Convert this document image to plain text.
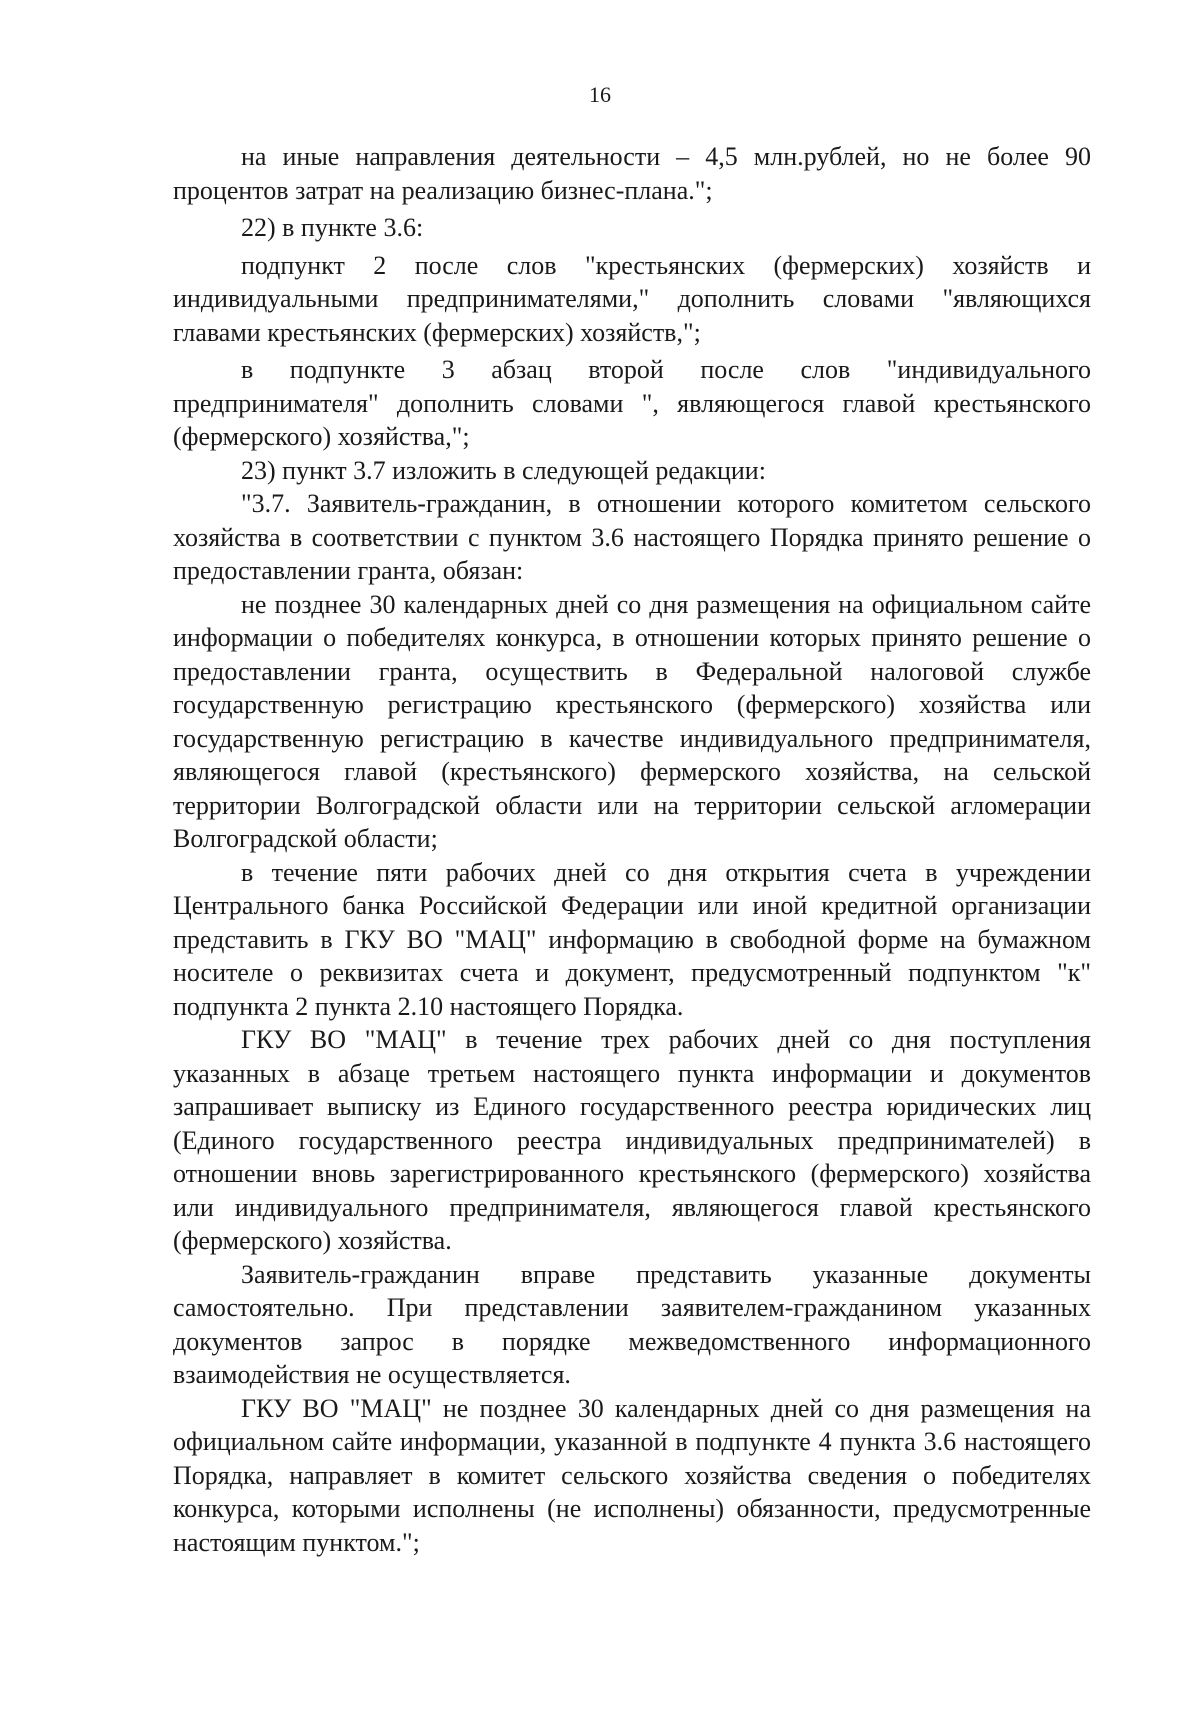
16

на иные направления деятельности – 4,5 млн.рублей, но не более 90 процентов затрат на реализацию бизнес-плана.";

22) в пункте 3.6:

подпункт 2 после слов "крестьянских (фермерских) хозяйств и индивидуальными предпринимателями," дополнить словами "являющихся главами крестьянских (фермерских) хозяйств,";

в подпункте 3 абзац второй после слов "индивидуального предпринимателя" дополнить словами ", являющегося главой крестьянского (фермерского) хозяйства,";

23) пункт 3.7 изложить в следующей редакции:

"3.7. Заявитель-гражданин, в отношении которого комитетом сельского хозяйства в соответствии с пунктом 3.6 настоящего Порядка принято решение о предоставлении гранта, обязан:

не позднее 30 календарных дней со дня размещения на официальном сайте информации о победителях конкурса, в отношении которых принято решение о предоставлении гранта, осуществить в Федеральной налоговой службе государственную регистрацию крестьянского (фермерского) хозяйства или государственную регистрацию в качестве индивидуального предпринимателя, являющегося главой (крестьянского) фермерского хозяйства, на сельской территории Волгоградской области или на территории сельской агломерации Волгоградской области;

в течение пяти рабочих дней со дня открытия счета в учреждении Центрального банка Российской Федерации или иной кредитной организации представить в ГКУ ВО "МАЦ" информацию в свободной форме на бумажном носителе о реквизитах счета и документ, предусмотренный подпунктом "к" подпункта 2 пункта 2.10 настоящего Порядка.

ГКУ ВО "МАЦ" в течение трех рабочих дней со дня поступления указанных в абзаце третьем настоящего пункта информации и документов запрашивает выписку из Единого государственного реестра юридических лиц (Единого государственного реестра индивидуальных предпринимателей) в отношении вновь зарегистрированного крестьянского (фермерского) хозяйства или индивидуального предпринимателя, являющегося главой крестьянского (фермерского) хозяйства.

Заявитель-гражданин вправе представить указанные документы самостоятельно. При представлении заявителем-гражданином указанных документов запрос в порядке межведомственного информационного взаимодействия не осуществляется.

ГКУ ВО "МАЦ" не позднее 30 календарных дней со дня размещения на официальном сайте информации, указанной в подпункте 4 пункта 3.6 настоящего Порядка, направляет в комитет сельского хозяйства сведения о победителях конкурса, которыми исполнены (не исполнены) обязанности, предусмотренные настоящим пунктом.";
